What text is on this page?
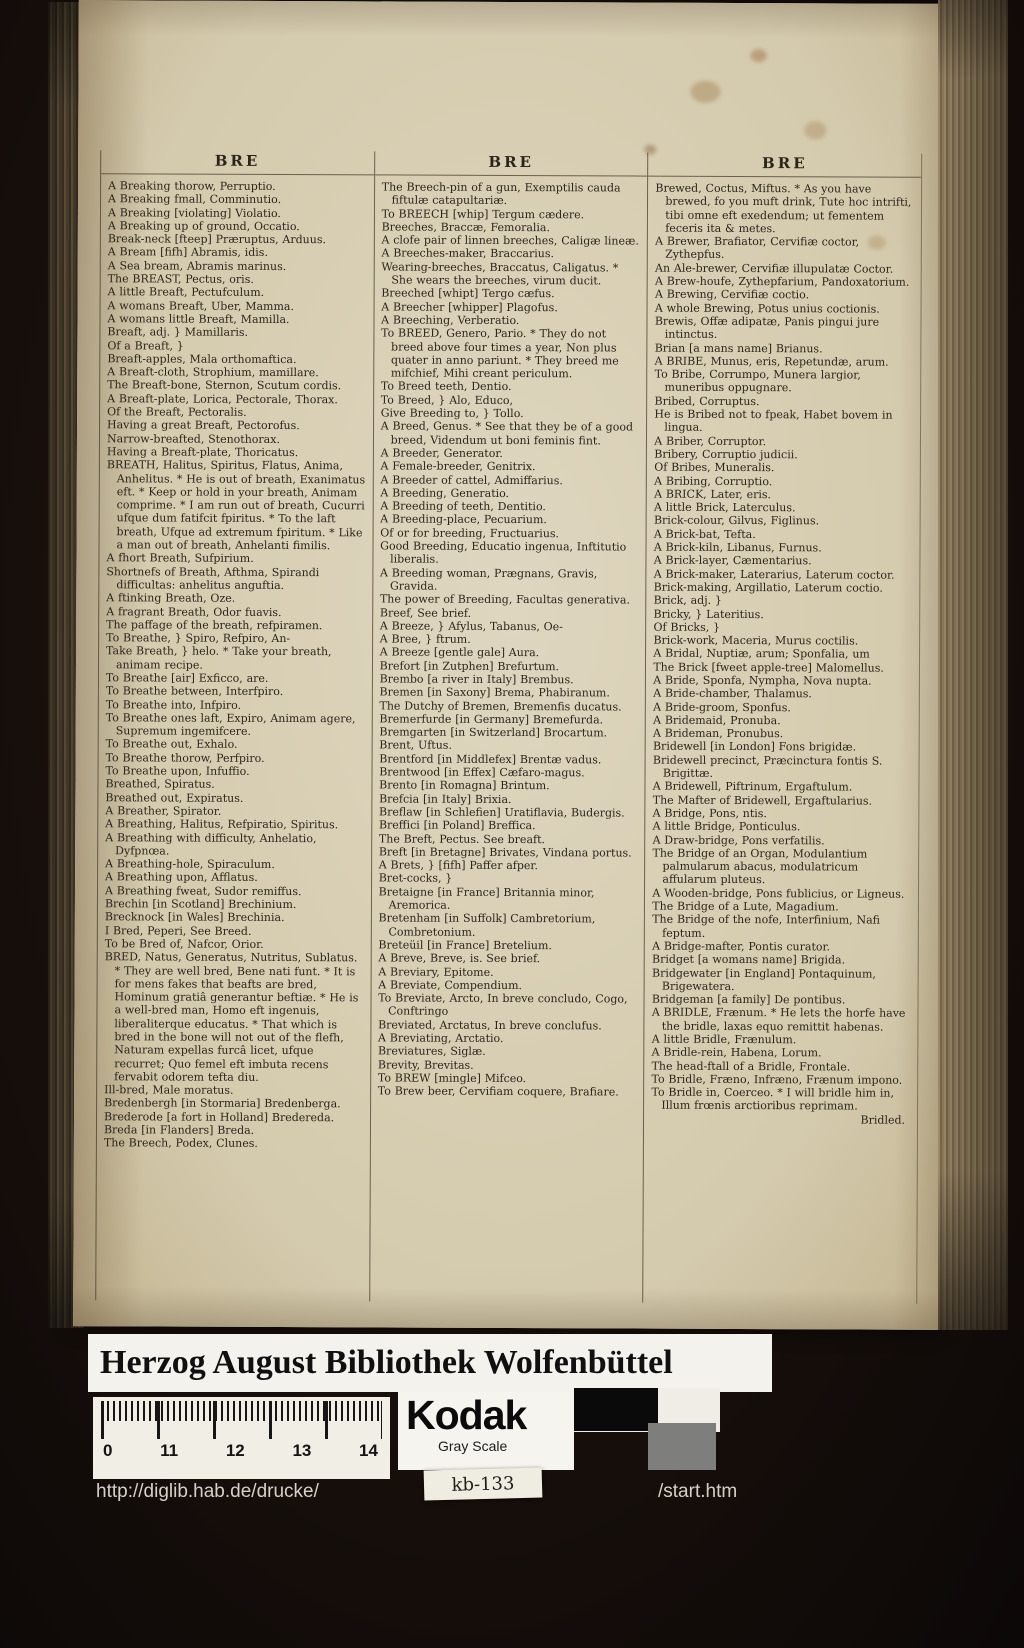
BRE
A Breaking thorow, Perruptio.
A Breaking fmall, Comminutio.
A Breaking [violating] Violatio.
A Breaking up of ground, Occatio.
Break-neck [fteep] Præruptus, Arduus.
A Bream [fifh] Abramis, idis.
A Sea bream, Abramis marinus.
The BREAST, Pectus, oris.
A little Breaft, Pectufculum.
A womans Breaft, Uber, Mamma.
A womans little Breaft, Mamilla.
Breaft, adj. } Mamillaris.
Of a Breaft, }
Breaft-apples, Mala orthomaftica.
A Breaft-cloth, Strophium, mamillare.
The Breaft-bone, Sternon, Scutum cordis.
A Breaft-plate, Lorica, Pectorale, Thorax.
Of the Breaft, Pectoralis.
Having a great Breaft, Pectorofus.
Narrow-breafted, Stenothorax.
Having a Breaft-plate, Thoricatus.
BREATH, Halitus, Spiritus, Flatus, Anima, Anhelitus. * He is out of breath, Exanimatus eft. * Keep or hold in your breath, Animam comprime. * I am run out of breath, Cucurri ufque dum fatifcit fpiritus. * To the laft breath, Ufque ad extremum fpiritum. * Like a man out of breath, Anhelanti fimilis.
A fhort Breath, Sufpirium.
Shortnefs of Breath, Afthma, Spirandi difficultas: anhelitus anguftia.
A ftinking Breath, Oze.
A fragrant Breath, Odor fuavis.
The paffage of the breath, refpiramen.
To Breathe, } Spiro, Refpiro, An-
Take Breath, } helo. * Take your breath, animam recipe.
To Breathe [air] Exficco, are.
To Breathe between, Interfpiro.
To Breathe into, Infpiro.
To Breathe ones laft, Expiro, Animam agere, Supremum ingemifcere.
To Breathe out, Exhalo.
To Breathe thorow, Perfpiro.
To Breathe upon, Infuffio.
Breathed, Spiratus.
Breathed out, Expiratus.
A Breather, Spirator.
A Breathing, Halitus, Refpiratio, Spiritus.
A Breathing with difficulty, Anhelatio, Dyfpnœa.
A Breathing-hole, Spiraculum.
A Breathing upon, Afflatus.
A Breathing fweat, Sudor remiffus.
Brechin [in Scotland] Brechinium.
Brecknock [in Wales] Brechinia.
I Bred, Peperi, See Breed.
To be Bred of, Nafcor, Orior.
BRED, Natus, Generatus, Nutritus, Sublatus. * They are well bred, Bene nati funt. * It is for mens fakes that beafts are bred, Hominum gratiâ generantur beftiæ. * He is a well-bred man, Homo eft ingenuis, liberaliterque educatus. * That which is bred in the bone will not out of the flefh, Naturam expellas furcâ licet, ufque recurret; Quo femel eft imbuta recens fervabit odorem tefta diu.
Ill-bred, Male moratus.
Bredenbergh [in Stormaria] Bredenberga.
Brederode [a fort in Holland] Bredereda.
Breda [in Flanders] Breda.
The Breech, Podex, Clunes.
BRE
The Breech-pin of a gun, Exemptilis cauda fiftulæ catapultariæ.
To BREECH [whip] Tergum cædere.
Breeches, Braccæ, Femoralia.
A clofe pair of linnen breeches, Caligæ lineæ.
A Breeches-maker, Braccarius.
Wearing-breeches, Braccatus, Caligatus. * She wears the breeches, virum ducit.
Breeched [whipt] Tergo cæfus.
A Breecher [whipper] Plagofus.
A Breeching, Verberatio.
To BREED, Genero, Pario. * They do not breed above four times a year, Non plus quater in anno pariunt. * They breed me mifchief, Mihi creant periculum.
To Breed teeth, Dentio.
To Breed, } Alo, Educo,
Give Breeding to, } Tollo.
A Breed, Genus. * See that they be of a good breed, Videndum ut boni feminis fint.
A Breeder, Generator.
A Female-breeder, Genitrix.
A Breeder of cattel, Admiffarius.
A Breeding, Generatio.
A Breeding of teeth, Dentitio.
A Breeding-place, Pecuarium.
Of or for breeding, Fructuarius.
Good Breeding, Educatio ingenua, Inftitutio liberalis.
A Breeding woman, Prægnans, Gravis, Gravida.
The power of Breeding, Facultas generativa.
Breef, See brief.
A Breeze, } Afylus, Tabanus, Oe-
A Bree, } ftrum.
A Breeze [gentle gale] Aura.
Brefort [in Zutphen] Brefurtum.
Brembo [a river in Italy] Brembus.
Bremen [in Saxony] Brema, Phabiranum.
The Dutchy of Bremen, Bremenfis ducatus.
Bremerfurde [in Germany] Bremefurda.
Bremgarten [in Switzerland] Brocartum.
Brent, Uftus.
Brentford [in Middlefex] Brentæ vadus.
Brentwood [in Effex] Cæfaro-magus.
Brento [in Romagna] Brintum.
Brefcia [in Italy] Brixia.
Breflaw [in Schlefien] Uratiflavia, Budergis.
Breffici [in Poland] Breffica.
The Breft, Pectus. See breaft.
Breft [in Bretagne] Brivates, Vindana portus.
A Brets, } [fifh] Paffer afper.
Bret-cocks, }
Bretaigne [in France] Britannia minor, Aremorica.
Bretenham [in Suffolk] Cambretorium, Combretonium.
Breteüil [in France] Bretelium.
A Breve, Breve, is. See brief.
A Breviary, Epitome.
A Breviate, Compendium.
To Breviate, Arcto, In breve concludo, Cogo, Conftringo
Breviated, Arctatus, In breve conclufus.
A Breviating, Arctatio.
Breviatures, Siglæ.
Brevity, Brevitas.
To BREW [mingle] Mifceo.
To Brew beer, Cervifiam coquere, Brafiare.
BRE
Brewed, Coctus, Miftus. * As you have brewed, fo you muft drink, Tute hoc intrifti, tibi omne eft exedendum; ut fementem feceris ita & metes.
A Brewer, Brafiator, Cervifiæ coctor, Zythepfus.
An Ale-brewer, Cervifiæ illupulatæ Coctor.
A Brew-houfe, Zythepfarium, Pandoxatorium.
A Brewing, Cervifiæ coctio.
A whole Brewing, Potus unius coctionis.
Brewis, Offæ adipatæ, Panis pingui jure intinctus.
Brian [a mans name] Brianus.
A BRIBE, Munus, eris, Repetundæ, arum.
To Bribe, Corrumpo, Munera largior, muneribus oppugnare.
Bribed, Corruptus.
He is Bribed not to fpeak, Habet bovem in lingua.
A Briber, Corruptor.
Bribery, Corruptio judicii.
Of Bribes, Muneralis.
A Bribing, Corruptio.
A BRICK, Later, eris.
A little Brick, Laterculus.
Brick-colour, Gilvus, Figlinus.
A Brick-bat, Tefta.
A Brick-kiln, Libanus, Furnus.
A Brick-layer, Cæmentarius.
A Brick-maker, Laterarius, Laterum coctor.
Brick-making, Argillatio, Laterum coctio.
Brick, adj. }
Bricky, } Lateritius.
Of Bricks, }
Brick-work, Maceria, Murus coctilis.
A Bridal, Nuptiæ, arum; Sponfalia, um
The Brick [fweet apple-tree] Malomellus.
A Bride, Sponfa, Nympha, Nova nupta.
A Bride-chamber, Thalamus.
A Bride-groom, Sponfus.
A Bridemaid, Pronuba.
A Brideman, Pronubus.
Bridewell [in London] Fons brigidæ.
Bridewell precinct, Præcinctura fontis S. Brigittæ.
A Bridewell, Piftrinum, Ergaftulum.
The Mafter of Bridewell, Ergaftularius.
A Bridge, Pons, ntis.
A little Bridge, Ponticulus.
A Draw-bridge, Pons verfatilis.
The Bridge of an Organ, Modulantium palmularum abacus, modulatricum affularum pluteus.
A Wooden-bridge, Pons fublicius, or Ligneus.
The Bridge of a Lute, Magadium.
The Bridge of the nofe, Interfinium, Nafi feptum.
A Bridge-mafter, Pontis curator.
Bridget [a womans name] Brigida.
Bridgewater [in England] Pontaquinum, Brigewatera.
Bridgeman [a family] De pontibus.
A BRIDLE, Frænum. * He lets the horfe have the bridle, laxas equo remittit habenas.
A little Bridle, Frænulum.
A Bridle-rein, Habena, Lorum.
The head-ftall of a Bridle, Frontale.
To Bridle, Fræno, Infræno, Frænum impono.
To Bridle in, Coerceo. * I will bridle him in, Illum frœnis arctioribus reprimam.
Bridled.
Herzog August Bibliothek Wolfenbüttel
0	11	12	13	14
Kodak
Gray Scale
kb-133
http://diglib.hab.de/drucke/	/start.htm
